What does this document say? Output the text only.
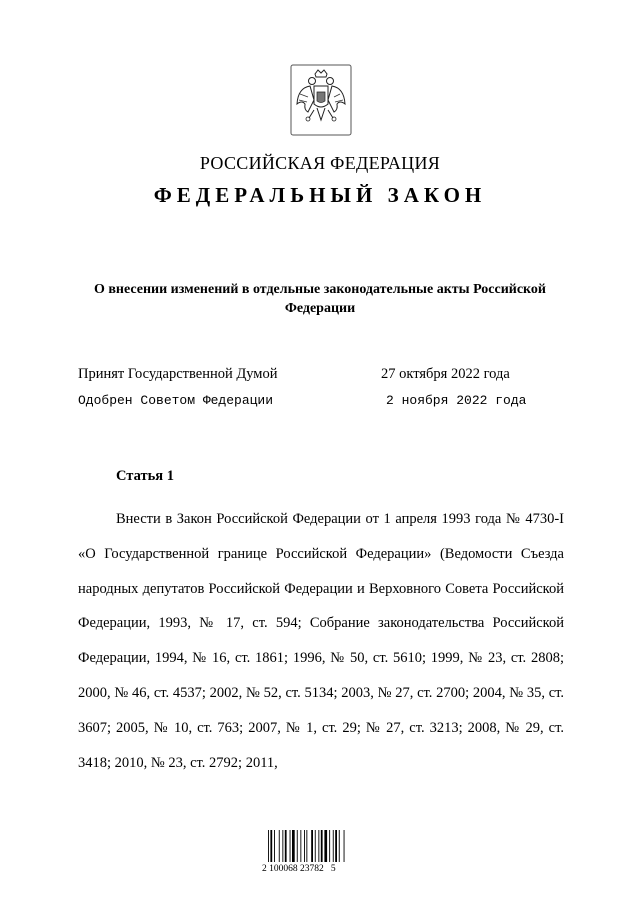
РОССИЙСКАЯ ФЕДЕРАЦИЯ
ФЕДЕРАЛЬНЫЙ ЗАКОН
О внесении изменений в отдельные законодательные акты Российской Федерации
Принят Государственной Думой	27 октября 2022 года
Одобрен Советом Федерации	2 ноября 2022 года
Статья 1
Внести в Закон Российской Федерации от 1 апреля 1993 года № 4730-I «О Государственной границе Российской Федерации» (Ведомости Съезда народных депутатов Российской Федерации и Верховного Совета Российской Федерации, 1993, № 17, ст. 594; Собрание законодательства Российской Федерации, 1994, № 16, ст. 1861; 1996, № 50, ст. 5610; 1999, № 23, ст. 2808; 2000, № 46, ст. 4537; 2002, № 52, ст. 5134; 2003, № 27, ст. 2700; 2004, № 35, ст. 3607; 2005, № 10, ст. 763; 2007, № 1, ст. 29; № 27, ст. 3213; 2008, № 29, ст. 3418; 2010, № 23, ст. 2792; 2011,
2 100068 23782   5
